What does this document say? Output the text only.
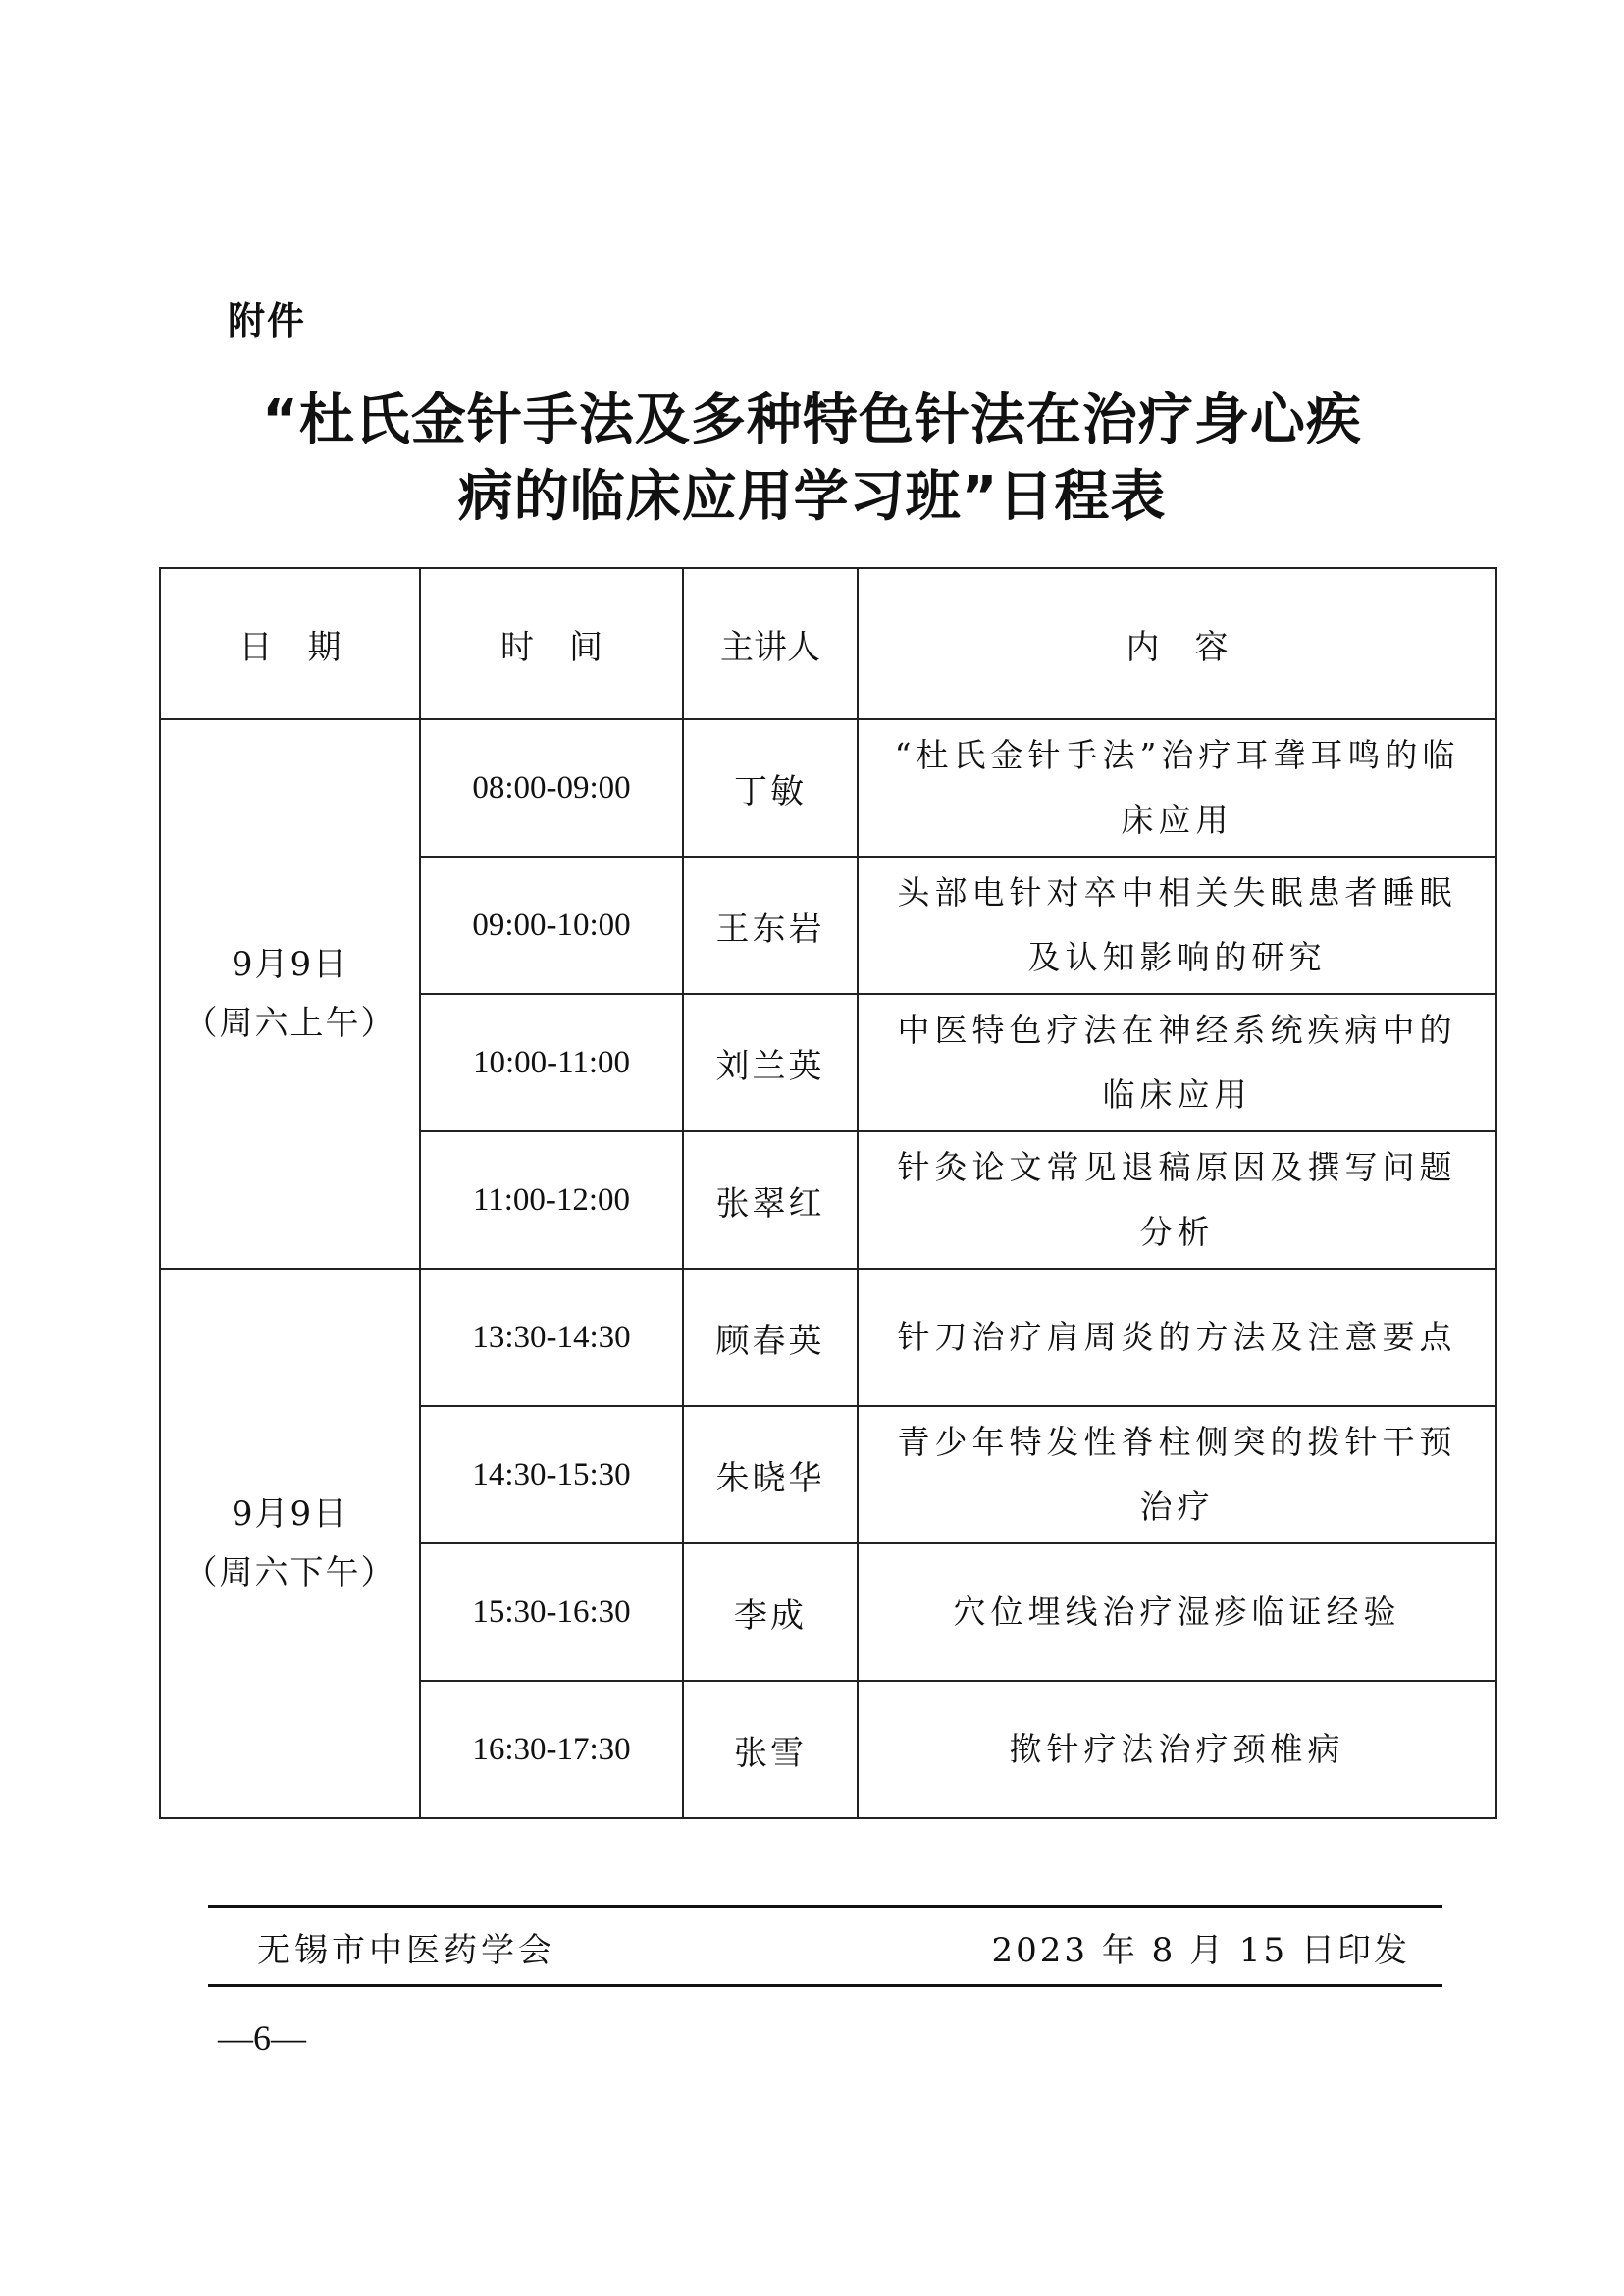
附件
“杜氏金针手法及多种特色针法在治疗身心疾
病的临床应用学习班”日程表
日期	时间	主讲人	内容

9月9日
（周六上午）	08:00-09:00	丁敏	“杜氏金针手法”治疗耳聋耳鸣的临床应用
	09:00-10:00	王东岩	头部电针对卒中相关失眠患者睡眠及认知影响的研究
	10:00-11:00	刘兰英	中医特色疗法在神经系统疾病中的临床应用
	11:00-12:00	张翠红	针灸论文常见退稿原因及撰写问题分析

9月9日
（周六下午）	13:30-14:30	顾春英	针刀治疗肩周炎的方法及注意要点
	14:30-15:30	朱晓华	青少年特发性脊柱侧突的拨针干预治疗
	15:30-16:30	李成	穴位埋线治疗湿疹临证经验
	16:30-17:30	张雪	揿针疗法治疗颈椎病
无锡市中医药学会	2023 年 8 月 15 日印发
—6—
